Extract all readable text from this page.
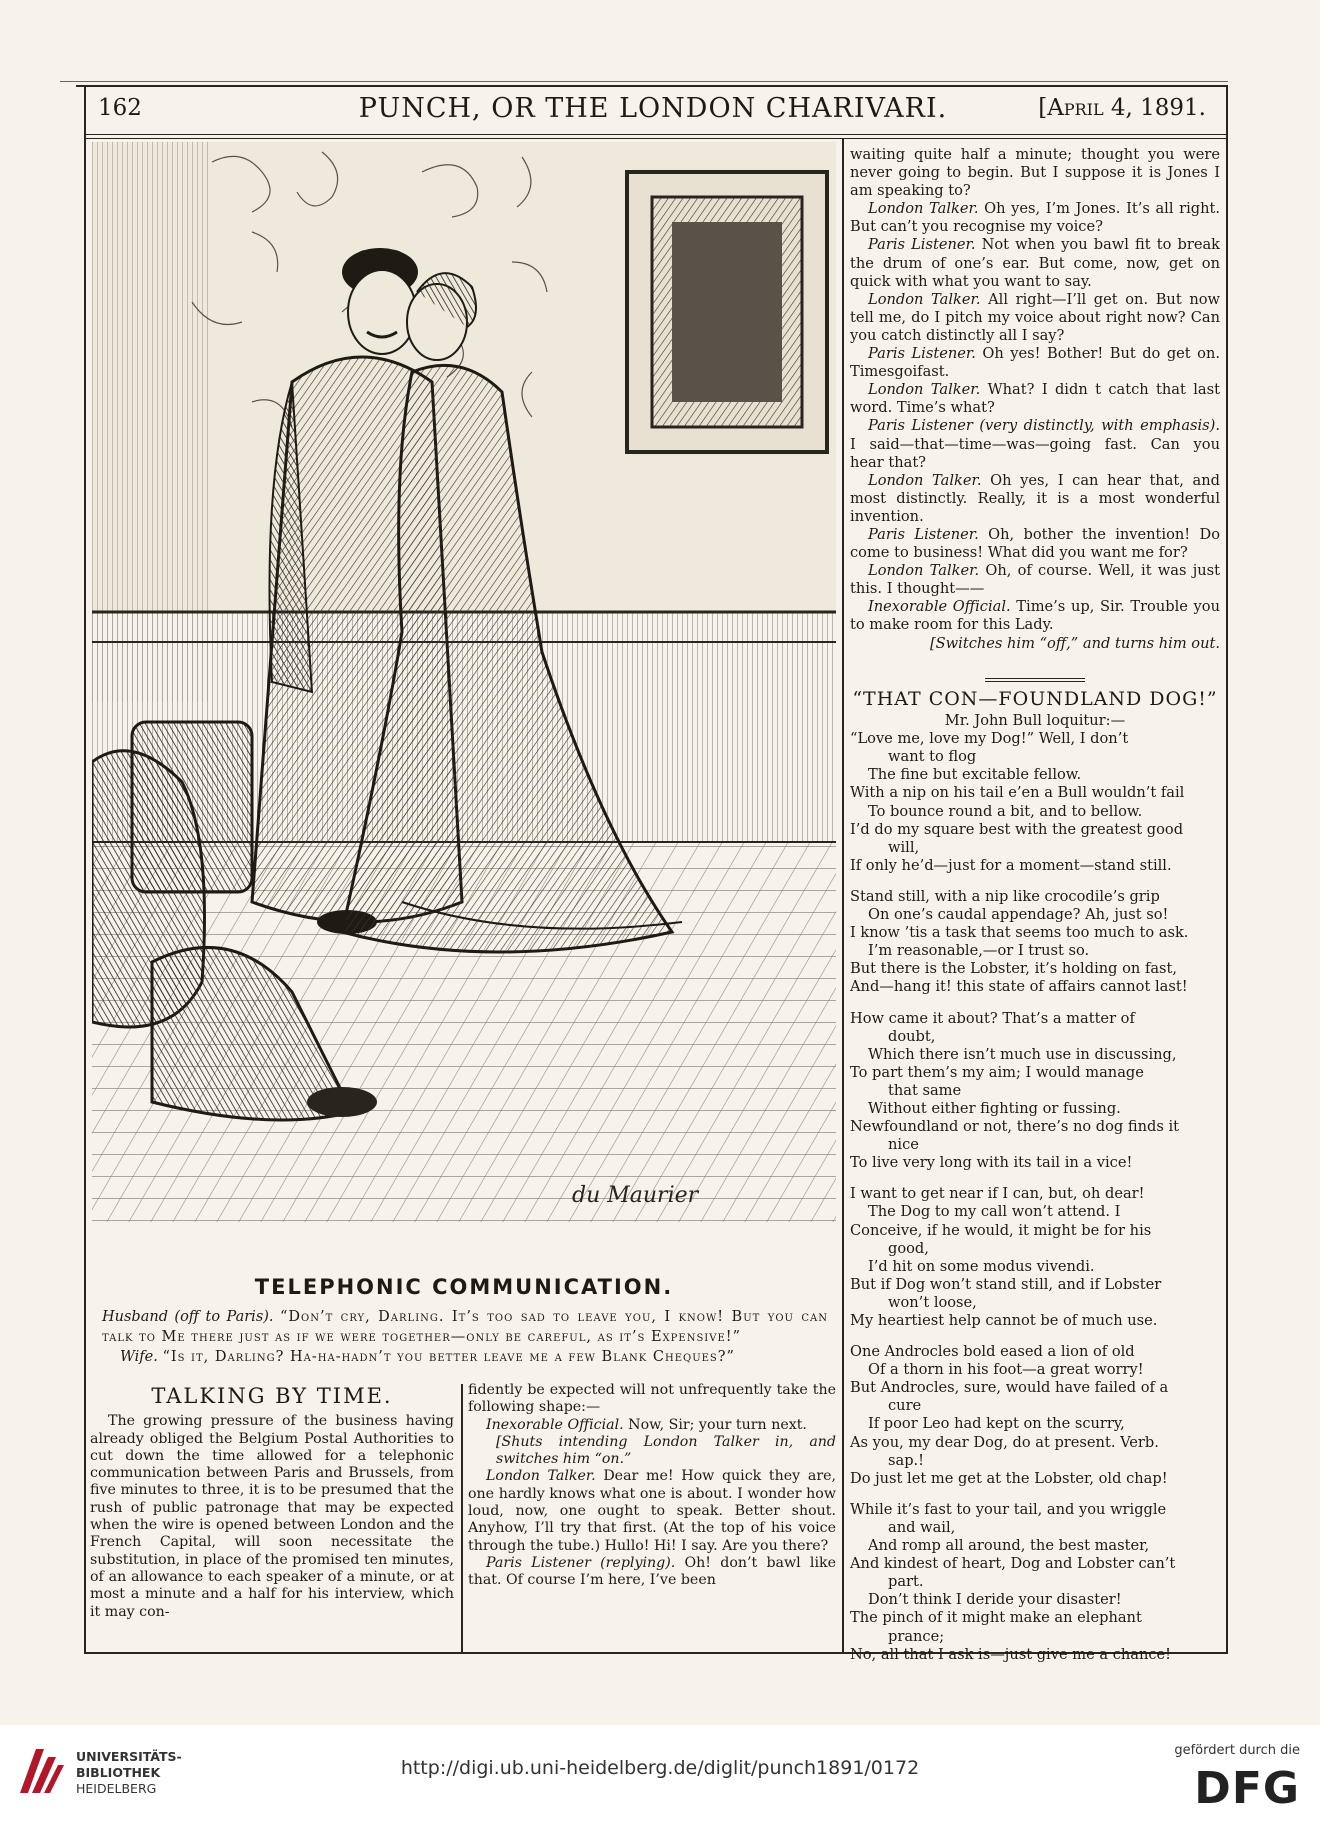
162	PUNCH, OR THE LONDON CHARIVARI.	[April 4, 1891.
du Maurier
TELEPHONIC COMMUNICATION.

Husband (off to Paris). “Don’t cry, Darling. It’s too sad to leave you, I know! But you can talk to Me there just as if we were together—only be careful, as it’s Expensive!”

Wife. “Is it, Darling? Ha-ha-hadn’t you better leave me a few Blank Cheques?”

TALKING BY TIME.

The growing pressure of the business having already obliged the Belgium Postal Authorities to cut down the time allowed for a telephonic communication between Paris and Brussels, from five minutes to three, it is to be presumed that the rush of public patronage that may be expected when the wire is opened between London and the French Capital, will soon necessitate the substitution, in place of the promised ten minutes, of an allowance to each speaker of a minute, or at most a minute and a half for his interview, which it may con-

fidently be expected will not unfrequently take the following shape:—

Inexorable Official. Now, Sir; your turn next.

[Shuts intending London Talker in, and switches him “on.”

London Talker. Dear me! How quick they are, one hardly knows what one is about. I wonder how loud, now, one ought to speak. Better shout. Anyhow, I’ll try that first. (At the top of his voice through the tube.) Hullo! Hi! I say. Are you there?

Paris Listener (replying). Oh! don’t bawl like that. Of course I’m here, I’ve been

waiting quite half a minute; thought you were never going to begin. But I suppose it is Jones I am speaking to?

London Talker. Oh yes, I’m Jones. It’s all right. But can’t you recognise my voice?

Paris Listener. Not when you bawl fit to break the drum of one’s ear. But come, now, get on quick with what you want to say.

London Talker. All right—I’ll get on. But now tell me, do I pitch my voice about right now? Can you catch distinctly all I say?

Paris Listener. Oh yes! Bother! But do get on. Timesgoifast.

London Talker. What? I didn t catch that last word. Time’s what?

Paris Listener (very distinctly, with emphasis). I said—that—time—was—going fast. Can you hear that?

London Talker. Oh yes, I can hear that, and most distinctly. Really, it is a most wonderful invention.

Paris Listener. Oh, bother the invention! Do come to business! What did you want me for?

London Talker. Oh, of course. Well, it was just this. I thought——

Inexorable Official. Time’s up, Sir. Trouble you to make room for this Lady.

[Switches him “off,” and turns him out.

“THAT CON—FOUNDLAND DOG!”

Mr. John Bull loquitur:—

“Love me, love my Dog!” Well, I don’t

want to flog

The fine but excitable fellow.

With a nip on his tail e’en a Bull wouldn’t fail

To bounce round a bit, and to bellow.

I’d do my square best with the greatest good

will,

If only he’d—just for a moment—stand still.

Stand still, with a nip like crocodile’s grip

On one’s caudal appendage? Ah, just so!

I know ’tis a task that seems too much to ask.

I’m reasonable,—or I trust so.

But there is the Lobster, it’s holding on fast,

And—hang it! this state of affairs cannot last!

How came it about? That’s a matter of

doubt,

Which there isn’t much use in discussing,

To part them’s my aim; I would manage

that same

Without either fighting or fussing.

Newfoundland or not, there’s no dog finds it

nice

To live very long with its tail in a vice!

I want to get near if I can, but, oh dear!

The Dog to my call won’t attend. I

Conceive, if he would, it might be for his

good,

I’d hit on some modus vivendi.

But if Dog won’t stand still, and if Lobster

won’t loose,

My heartiest help cannot be of much use.

One Androcles bold eased a lion of old

Of a thorn in his foot—a great worry!

But Androcles, sure, would have failed of a

cure

If poor Leo had kept on the scurry,

As you, my dear Dog, do at present. Verb.

sap.!

Do just let me get at the Lobster, old chap!

While it’s fast to your tail, and you wriggle

and wail,

And romp all around, the best master,

And kindest of heart, Dog and Lobster can’t

part.

Don’t think I deride your disaster!

The pinch of it might make an elephant

prance;

No, all that I ask is—just give me a chance!

UNIVERSITÄTS-
BIBLIOTHEK
HEIDELBERG
http://digi.ub.uni-heidelberg.de/diglit/punch1891/0172
gefördert durch die
DFG
